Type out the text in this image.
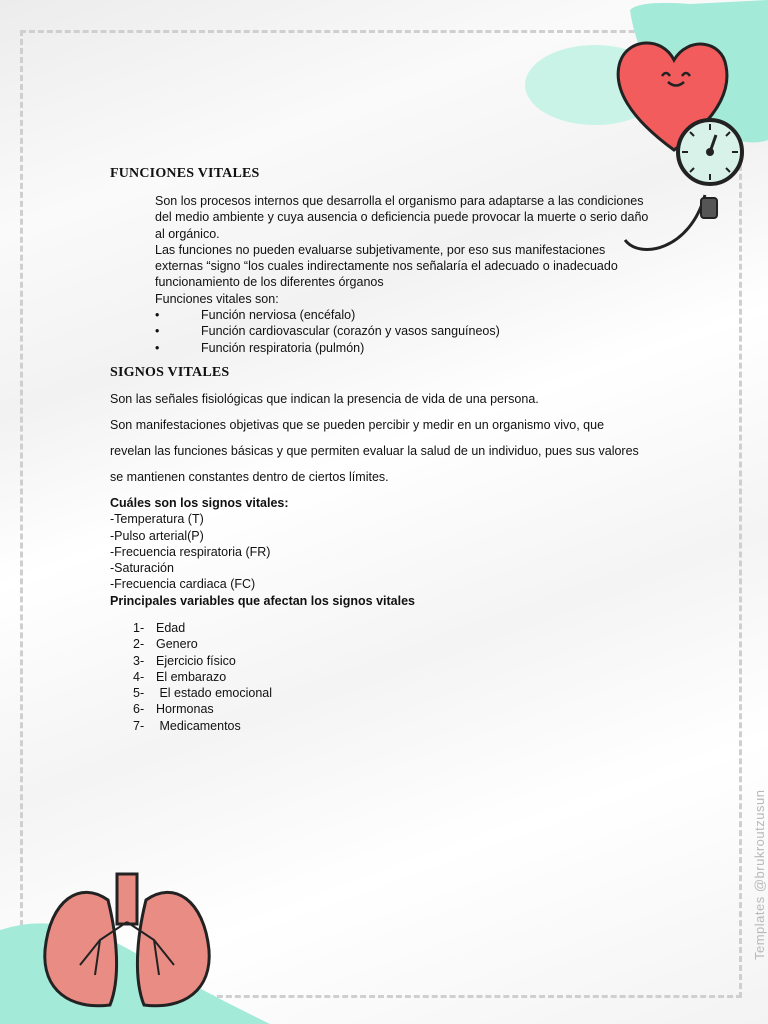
FUNCIONES VITALES

Son los procesos internos que desarrolla el organismo para adaptarse a las condiciones del medio ambiente y cuya ausencia o deficiencia puede provocar la muerte o serio daño al orgánico.

Las funciones no pueden evaluarse subjetivamente, por eso sus manifestaciones externas “signo “los cuales indirectamente nos señalaría el adecuado o inadecuado funcionamiento de los diferentes órganos

Funciones vitales son:

• Función nerviosa (encéfalo)
• Función cardiovascular (corazón y vasos sanguíneos)
• Función respiratoria (pulmón)
SIGNOS VITALES

Son las señales fisiológicas que indican la presencia de vida de una persona.

Son manifestaciones objetivas que se pueden percibir y medir en un organismo vivo, que

revelan las funciones básicas y que permiten evaluar la salud de un individuo, pues sus valores

se mantienen constantes dentro de ciertos límites.

Cuáles son los signos vitales:

-Temperatura (T)

-Pulso arterial(P)

-Frecuencia respiratoria (FR)

-Saturación

-Frecuencia cardiaca (FC)

Principales variables que afectan los signos vitales

1- Edad
2- Genero
3- Ejercicio físico
4- El embarazo
5- El estado emocional
6- Hormonas
7- Medicamentos
Templates @brukroutzusun
